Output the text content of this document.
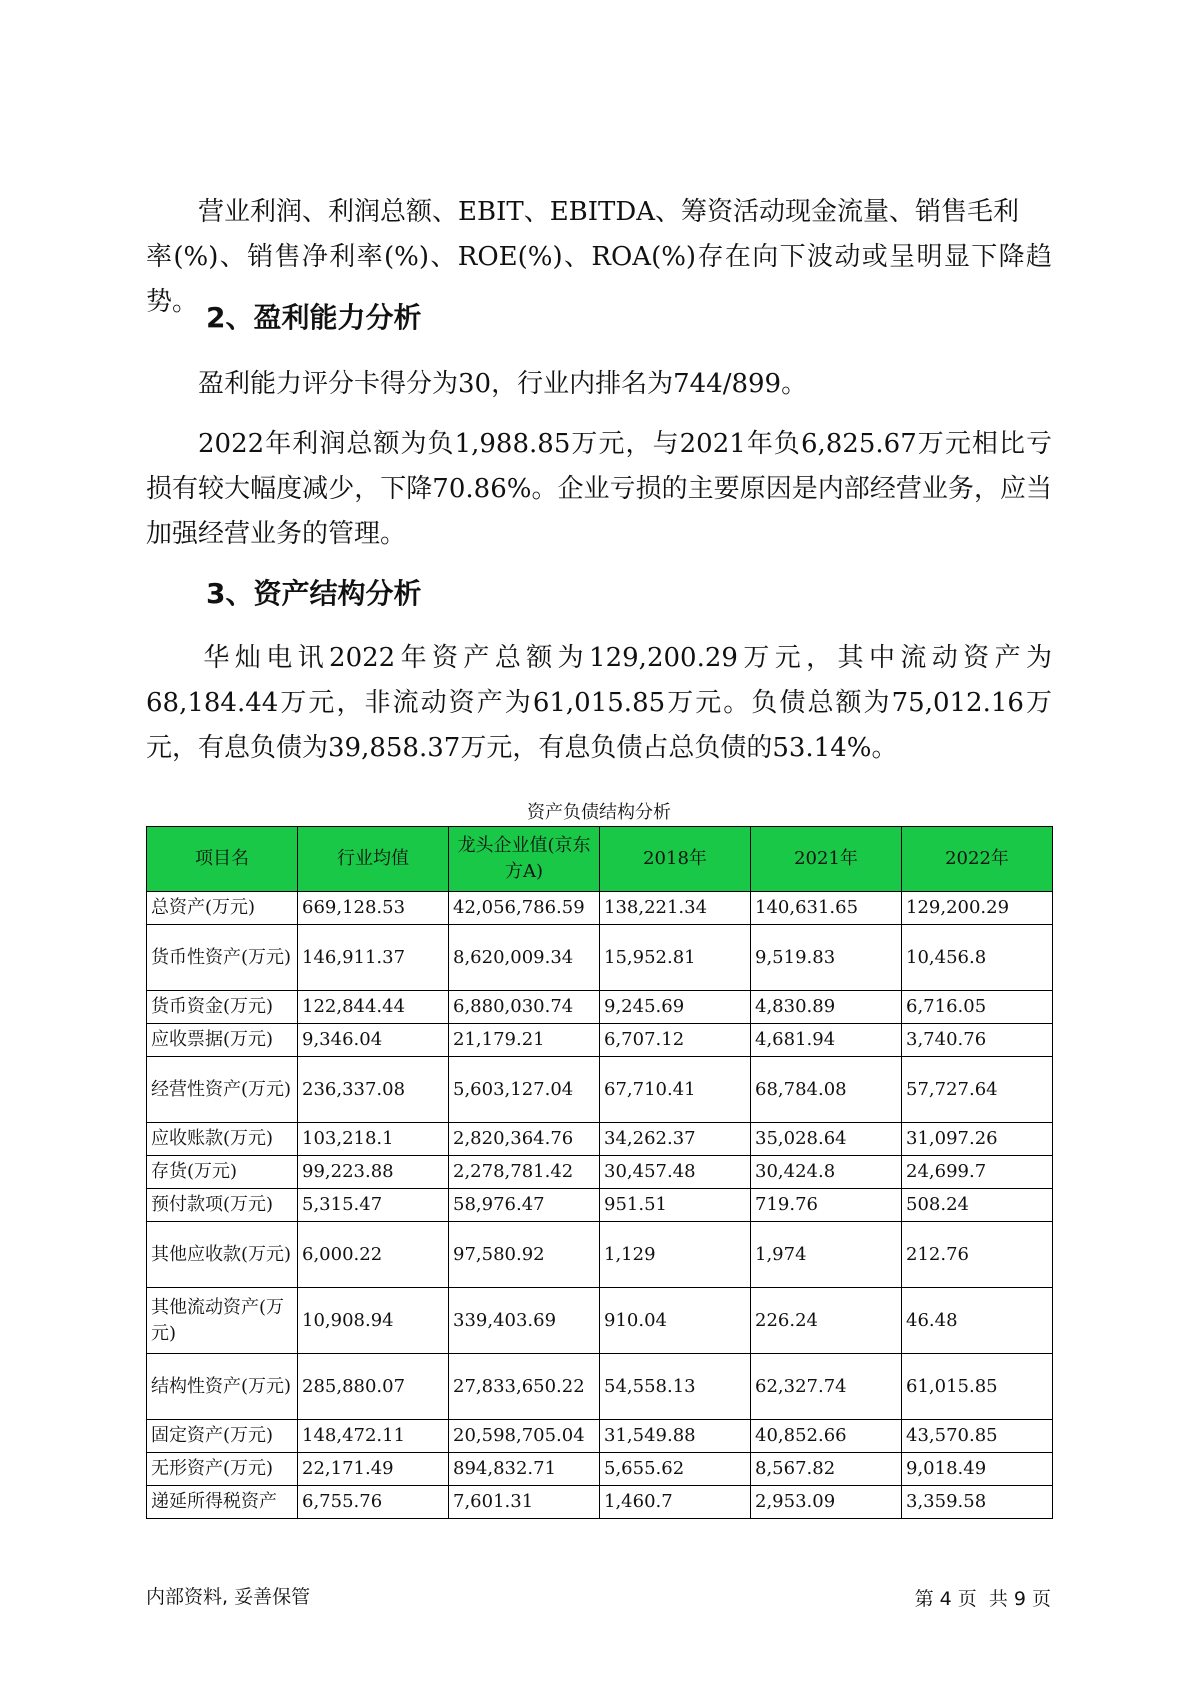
营业利润、利润总额、EBIT、EBITDA、筹资活动现金流量、销售毛利
率(%)、销售净利率(%)、ROE(%)、ROA(%)存在向下波动或呈明显下降趋势。 2、盈利能力分析

盈利能力评分卡得分为30，行业内排名为744/899。

2022年利润总额为负1,988.85万元，与2021年负6,825.67万元相比亏损有较大幅度减少，下降70.86%。企业亏损的主要原因是内部经营业务，应当加强经营业务的管理。

3、资产结构分析

华灿电讯2022年资产总额为129,200.29万元，其中流动资产为68,184.44万元，非流动资产为61,015.85万元。负债总额为75,012.16万元，有息负债为39,858.37万元，有息负债占总负债的53.14%。

资产负债结构分析
项目名	行业均值	龙头企业值(京东方A)	2018年	2021年	2022年
总资产(万元)	669,128.53	42,056,786.59	138,221.34	140,631.65	129,200.29
货币性资产(万元)	146,911.37	8,620,009.34	15,952.81	9,519.83	10,456.8
货币资金(万元)	122,844.44	6,880,030.74	9,245.69	4,830.89	6,716.05
应收票据(万元)	9,346.04	21,179.21	6,707.12	4,681.94	3,740.76
经营性资产(万元)	236,337.08	5,603,127.04	67,710.41	68,784.08	57,727.64
应收账款(万元)	103,218.1	2,820,364.76	34,262.37	35,028.64	31,097.26
存货(万元)	99,223.88	2,278,781.42	30,457.48	30,424.8	24,699.7
预付款项(万元)	5,315.47	58,976.47	951.51	719.76	508.24
其他应收款(万元)	6,000.22	97,580.92	1,129	1,974	212.76
其他流动资产(万元)	10,908.94	339,403.69	910.04	226.24	46.48
结构性资产(万元)	285,880.07	27,833,650.22	54,558.13	62,327.74	61,015.85
固定资产(万元)	148,472.11	20,598,705.04	31,549.88	40,852.66	43,570.85
无形资产(万元)	22,171.49	894,832.71	5,655.62	8,567.82	9,018.49
递延所得税资产	6,755.76	7,601.31	1,460.7	2,953.09	3,359.58
内部资料, 妥善保管	第 4 页  共 9 页
